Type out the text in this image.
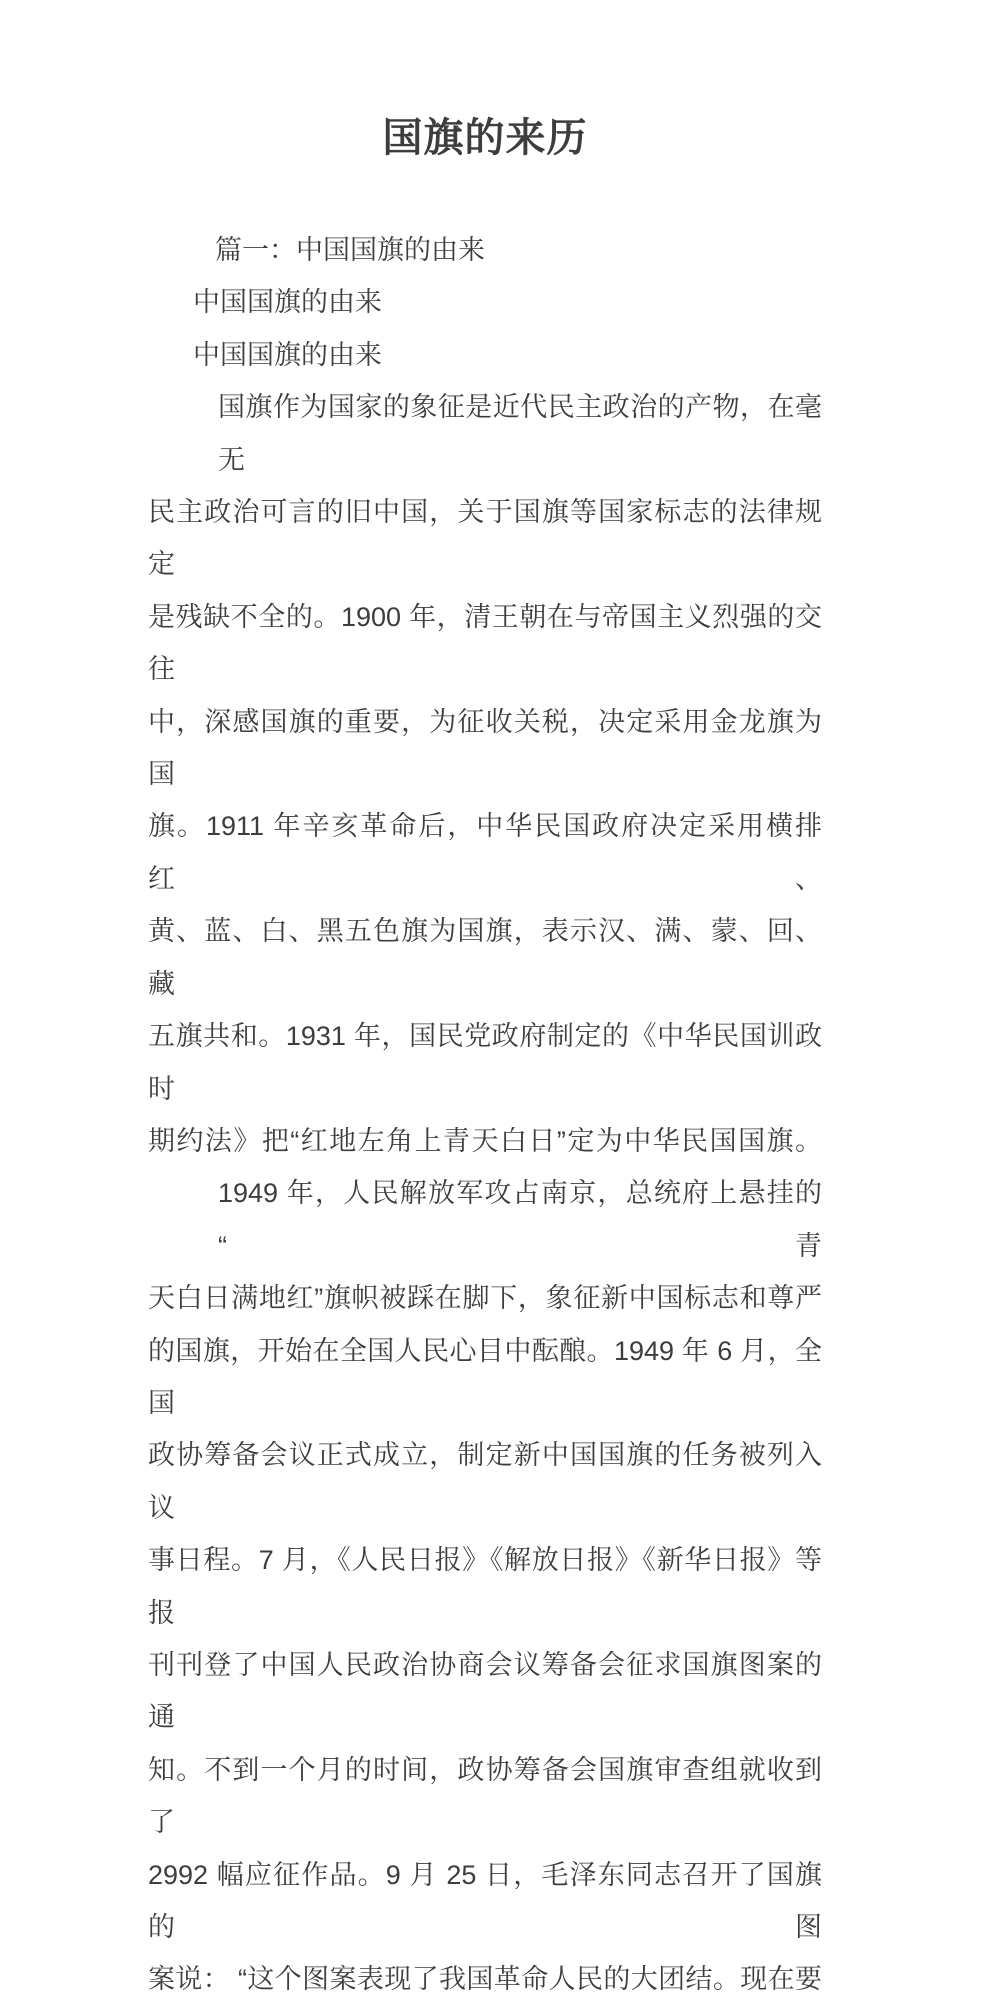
国旗的来历
篇一：中国国旗的由来
中国国旗的由来
中国国旗的由来
国旗作为国家的象征是近代民主政治的产物，在毫无
民主政治可言的旧中国，关于国旗等国家标志的法律规定
是残缺不全的。1900 年，清王朝在与帝国主义烈强的交往
中，深感国旗的重要，为征收关税，决定采用金龙旗为国
旗。1911 年辛亥革命后，中华民国政府决定采用横排红、
黄、蓝、白、黑五色旗为国旗，表示汉、满、蒙、回、藏
五旗共和。1931 年，国民党政府制定的《中华民国训政时
期约法》把“红地左角上青天白日”定为中华民国国旗。
1949 年，人民解放军攻占南京，总统府上悬挂的“青
天白日满地红”旗帜被踩在脚下，象征新中国标志和尊严
的国旗，开始在全国人民心目中酝酿。1949 年 6 月，全国
政协筹备会议正式成立，制定新中国国旗的任务被列入议
事日程。7 月，《人民日报》《解放日报》《新华日报》等报
刊刊登了中国人民政治协商会议筹备会征求国旗图案的通
知。不到一个月的时间，政协筹备会国旗审查组就收到了
2992 幅应征作品。9 月 25 日，毛泽东同志召开了国旗的图
案说： “这个图案表现了我国革命人民的大团结。现在要
